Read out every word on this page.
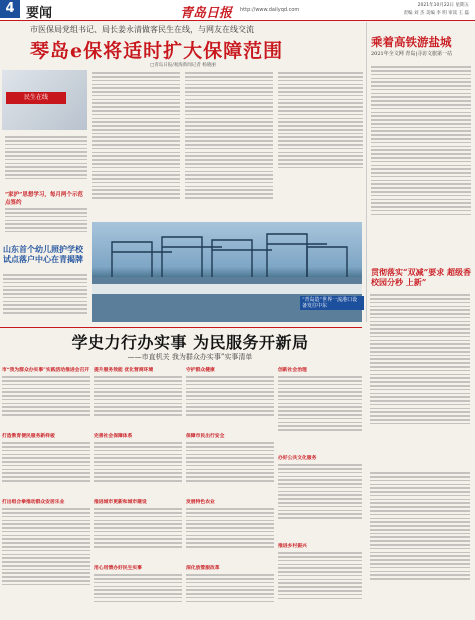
4 要闻	青岛日报 http://www.dailyqd.com
2021年10月22日 星期五
责编 刘 杰 美编 李 明 审读 王 磊
市医保局党组书记、局长姜永清做客民生在线，与网友在线交流
琴岛e保将适时扩大保障范围
□青岛日报/观海新闻记者 杨晓丽
民生在线
“家护”思想学习，每月两个示范点签约
乘着高铁游盐城
2021年全文网 青岛|寻访文旅第一站
贯彻落实“双减”要求 超级香校园分秒 上新”
山东首个幼儿照护学校试点落户中心在青揭牌
“青岛造”世界一流港口设备发往中东
学史力行办实事 为民服务开新局
——市直机关 我为群众办实事”实事清单
市“我为群众办实事”实践活动推进会召开
打造教育便民服务新样板
打出组合拳推动群众安居乐业
提升服务效能 优化营商环境
完善社会保障体系
推进城市更新和城市建设
用心用情办好民生实事
守护群众健康
保障市民出行安全
发展特色农业
深化放管服改革
创新社会治理
办好公共文化服务
推进乡村振兴
